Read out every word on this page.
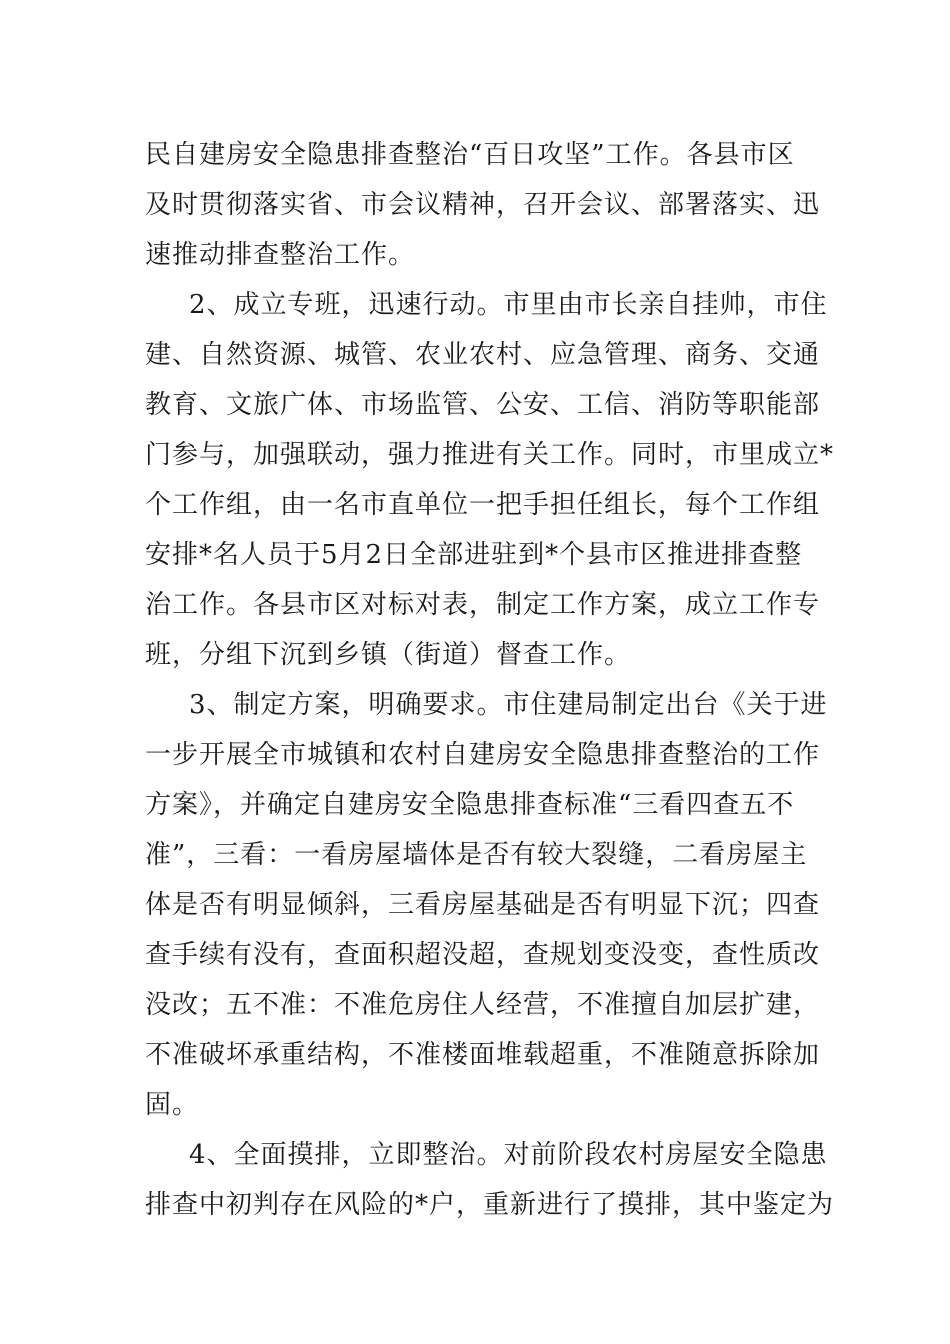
民自建房安全隐患排查整治“百日攻坚”工作。各县市区
及时贯彻落实省、市会议精神，召开会议、部署落实、迅
速推动排查整治工作。
2、成立专班，迅速行动。市里由市长亲自挂帅，市住
建、自然资源、城管、农业农村、应急管理、商务、交通
教育、文旅广体、市场监管、公安、工信、消防等职能部
门参与，加强联动，强力推进有关工作。同时，市里成立*
个工作组，由一名市直单位一把手担任组长，每个工作组
安排*名人员于5月2日全部进驻到*个县市区推进排查整
治工作。各县市区对标对表，制定工作方案，成立工作专
班，分组下沉到乡镇（街道）督查工作。
3、制定方案，明确要求。市住建局制定出台《关于进
一步开展全市城镇和农村自建房安全隐患排查整治的工作
方案》，并确定自建房安全隐患排查标准“三看四查五不
准”，三看：一看房屋墙体是否有较大裂缝，二看房屋主
体是否有明显倾斜，三看房屋基础是否有明显下沉；四查
查手续有没有，查面积超没超，查规划变没变，查性质改
没改；五不准：不准危房住人经营，不准擅自加层扩建，
不准破坏承重结构，不准楼面堆载超重，不准随意拆除加
固。
4、全面摸排，立即整治。对前阶段农村房屋安全隐患
排查中初判存在风险的*户，重新进行了摸排，其中鉴定为
